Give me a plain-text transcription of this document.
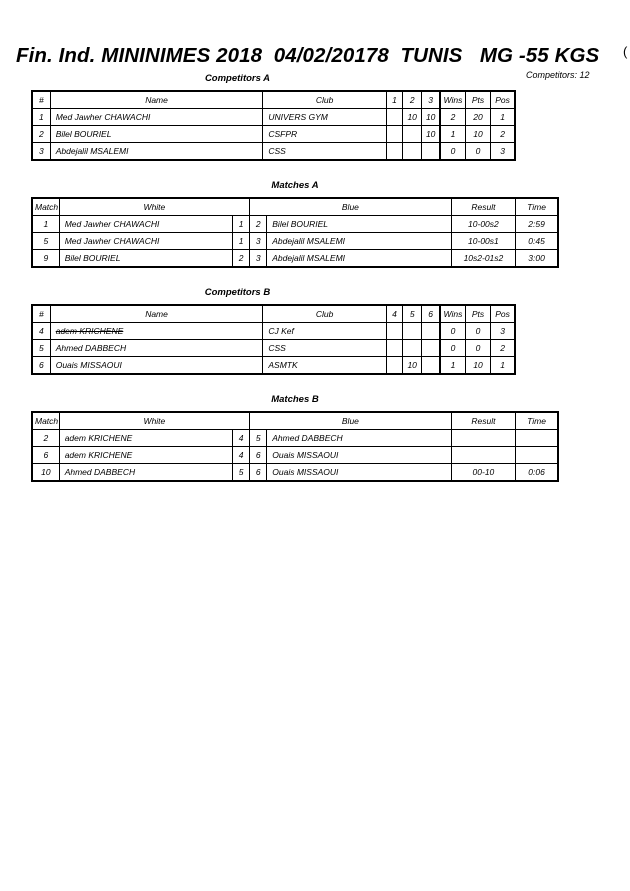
Fin. Ind. MININIMES 2018  04/02/20178  TUNIS   MG -55 KGS (
Competitors: 12
Competitors A
#	Name	Club	1	2	3	Wins	Pts	Pos
1	Med Jawher CHAWACHI	UNIVERS GYM		10	10	2	20	1
2	Bilel BOURIEL	CSFPR			10	1	10	2
3	Abdejalil MSALEMI	CSS				0	0	3
Matches A
Match	White		Blue		Result	Time
1	Med Jawher CHAWACHI	1	2	Bilel BOURIEL	10-00s2	2:59
5	Med Jawher CHAWACHI	1	3	Abdejalil MSALEMI	10-00s1	0:45
9	Bilel BOURIEL	2	3	Abdejalil MSALEMI	10s2-01s2	3:00
Competitors B
#	Name	Club	4	5	6	Wins	Pts	Pos
4	adem KRICHENE	CJ Kef				0	0	3
5	Ahmed DABBECH	CSS				0	0	2
6	Ouais MISSAOUI	ASMTK		10		1	10	1
Matches B
Match	White		Blue		Result	Time
2	adem KRICHENE	4	5	Ahmed DABBECH		
6	adem KRICHENE	4	6	Ouais MISSAOUI		
10	Ahmed DABBECH	5	6	Ouais MISSAOUI	00-10	0:06
